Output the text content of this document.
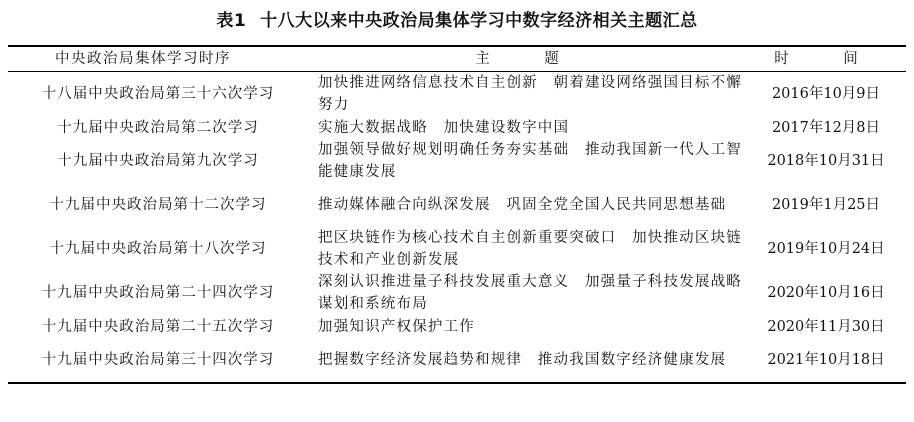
表1 十八大以来中央政治局集体学习中数字经济相关主题汇总
中央政治局集体学习时序	主　题	时　间
十八届中央政治局第三十六次学习	加快推进网络信息技术自主创新　朝着建设网络强国目标不懈努力	2016年10月9日
十九届中央政治局第二次学习	实施大数据战略　加快建设数字中国	2017年12月8日
十九届中央政治局第九次学习	加强领导做好规划明确任务夯实基础　推动我国新一代人工智能健康发展	2018年10月31日
十九届中央政治局第十二次学习	推动媒体融合向纵深发展　巩固全党全国人民共同思想基础	2019年1月25日
十九届中央政治局第十八次学习	把区块链作为核心技术自主创新重要突破口　加快推动区块链技术和产业创新发展	2019年10月24日
十九届中央政治局第二十四次学习	深刻认识推进量子科技发展重大意义　加强量子科技发展战略谋划和系统布局	2020年10月16日
十九届中央政治局第二十五次学习	加强知识产权保护工作	2020年11月30日
十九届中央政治局第三十四次学习	把握数字经济发展趋势和规律　推动我国数字经济健康发展	2021年10月18日
